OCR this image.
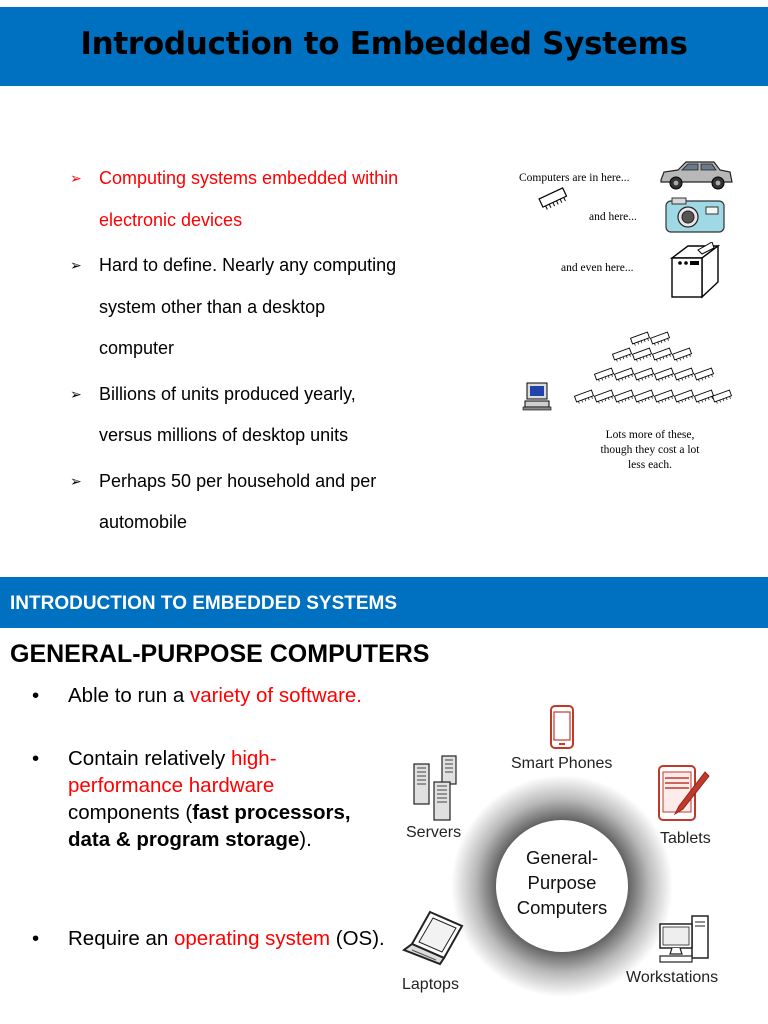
Introduction to Embedded Systems
➢ Computing systems embedded within
electronic devices
➢ Hard to define. Nearly any computing
system other than a desktop
computer
➢ Billions of units produced yearly,
versus millions of desktop units
➢ Perhaps 50 per household and per
automobile
Computers are in here...
and here...
and even here...
Lots more of these,
though they cost a lot
less each.
INTRODUCTION TO EMBEDDED SYSTEMS
GENERAL-PURPOSE COMPUTERS
• Able to run a variety of software.
• Contain relatively high-performance hardware components (fast processors, data & program storage).
• Require an operating system (OS).
General-
Purpose
Computers
Smart Phones
Tablets
Servers
Laptops	Workstations
